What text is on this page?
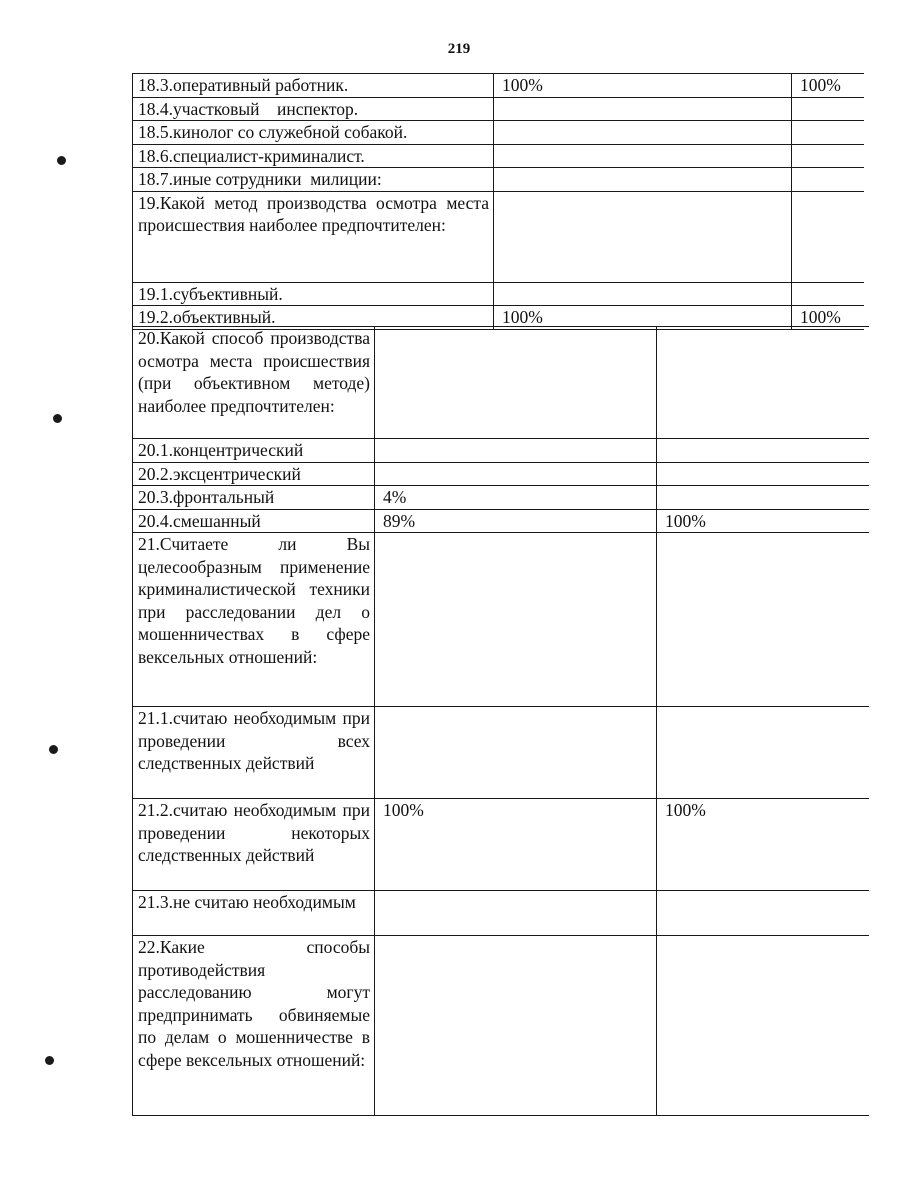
219
18.3.оперативный работник.	100%	100%
18.4.участковый    инспектор.		
18.5.кинолог со служебной собакой.		
18.6.специалист-криминалист.		
18.7.иные сотрудники  милиции:		
19.Какой метод производства осмотра места происшествия наиболее предпочтителен:		
19.1.субъективный.		
19.2.объективный.	100%	100%
20.Какой способ производства осмотра места происшествия (при объективном методе) наиболее предпочтителен:		
20.1.концентрический		
20.2.эксцентрический		
20.3.фронтальный	4%	
20.4.смешанный	89%	100%
21.Считаете ли Вы целесообразным применение криминалистической техники при расследовании дел о мошенничествах в сфере вексельных отношений:		
21.1.считаю необходимым при проведении всех следственных действий		
21.2.считаю необходимым при проведении некоторых следственных действий	100%	100%
21.3.не считаю необходимым		
22.Какие способы противодействия расследованию могут предпринимать обвиняемые по делам о мошенничестве в сфере вексельных отношений:		
